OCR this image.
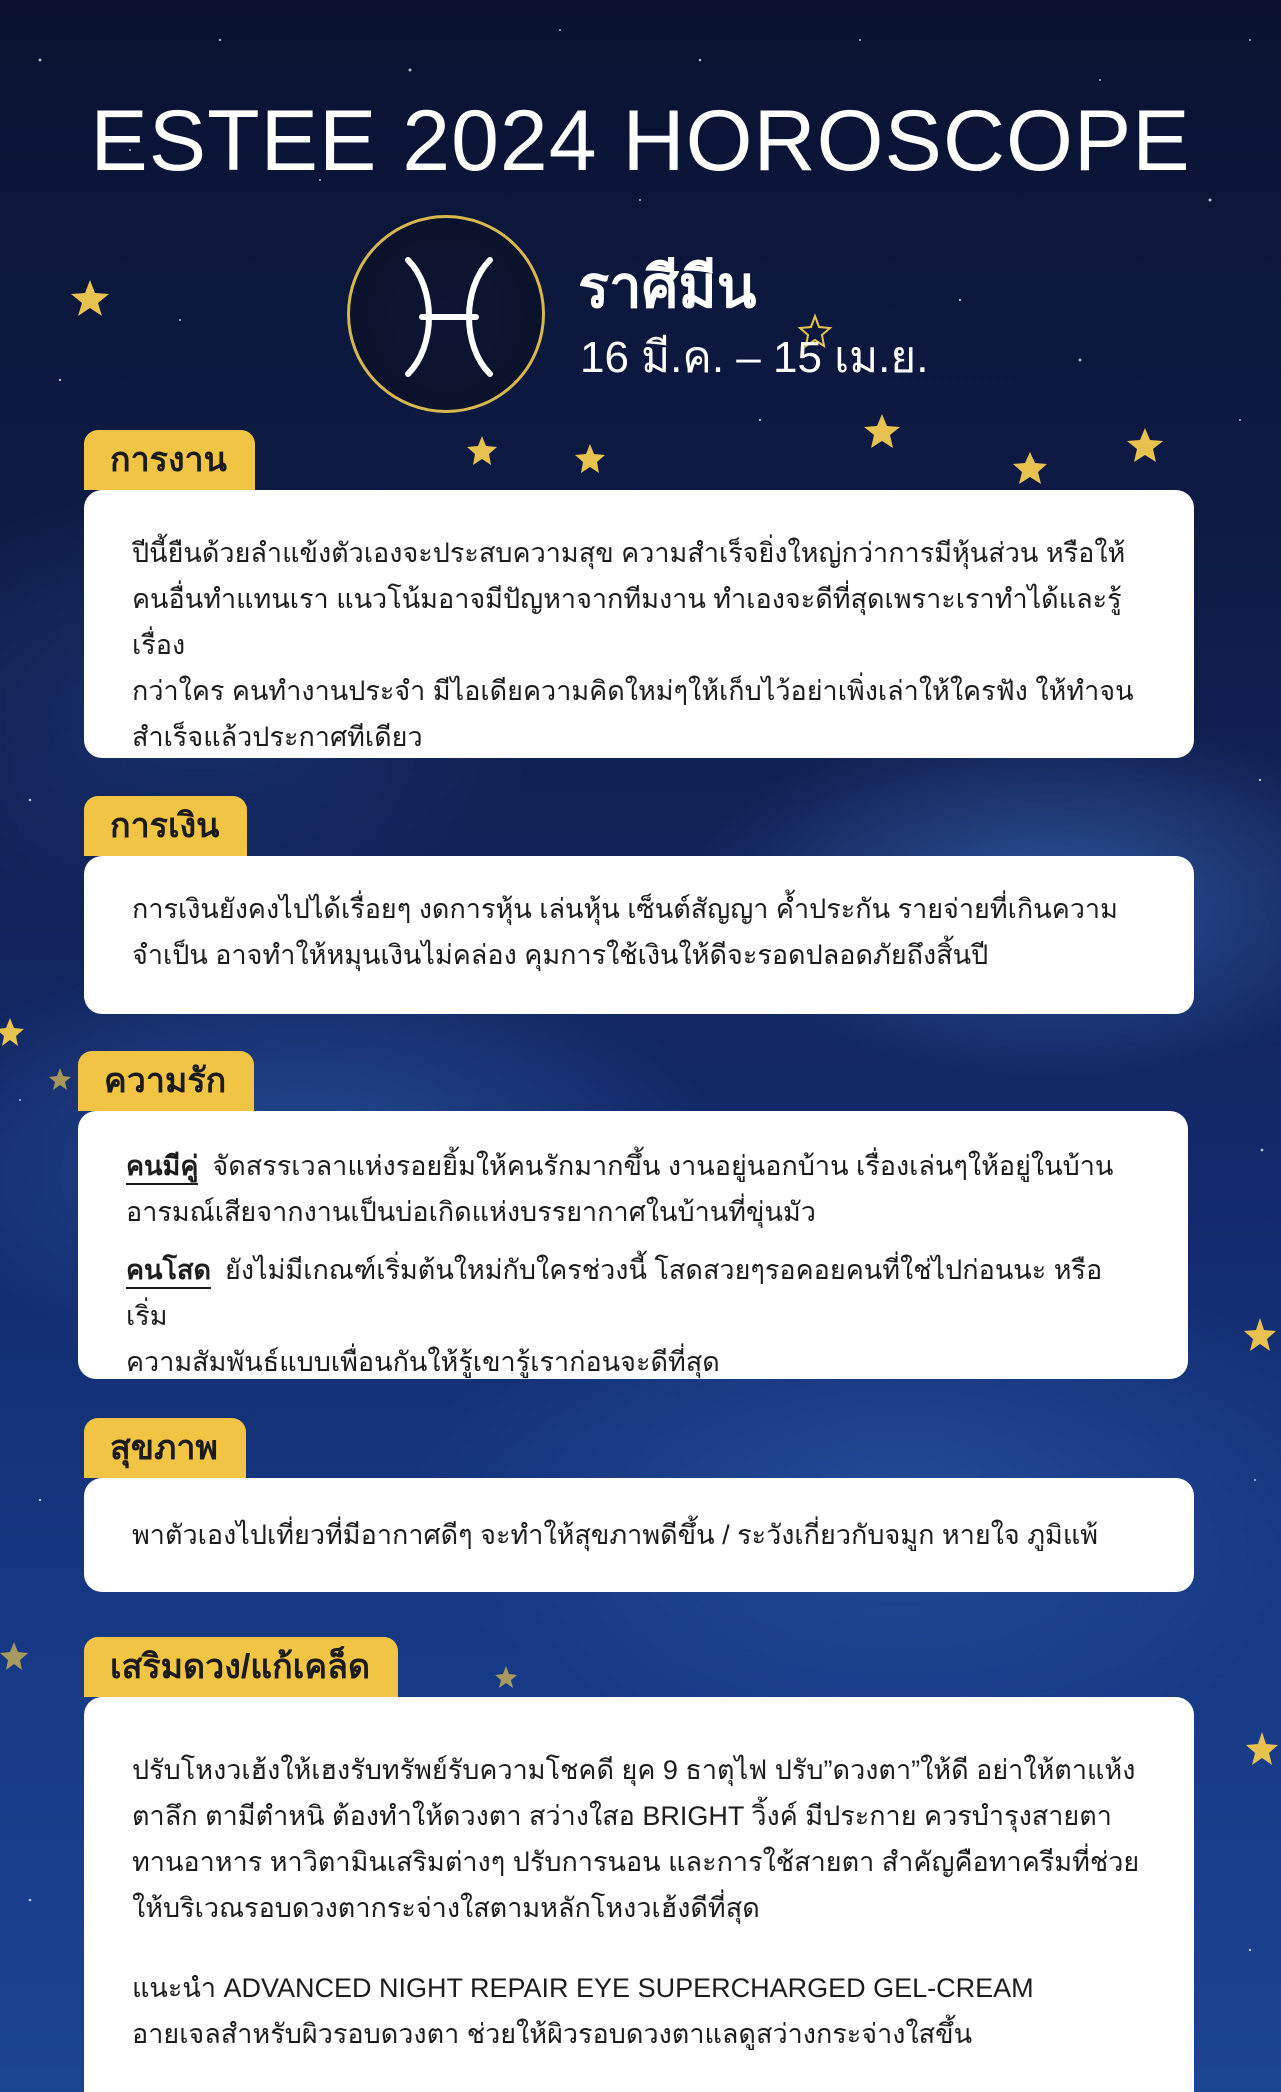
ESTEE 2024 HOROSCOPE
ราศีมีน
16 มี.ค. – 15 เม.ย.
การงาน

ปีนี้ยืนด้วยลำแข้งตัวเองจะประสบความสุข ความสำเร็จยิ่งใหญ่กว่าการมีหุ้นส่วน หรือให้

คนอื่นทำแทนเรา แนวโน้มอาจมีปัญหาจากทีมงาน ทำเองจะดีที่สุดเพราะเราทำได้และรู้เรื่อง

กว่าใคร คนทำงานประจำ มีไอเดียความคิดใหม่ๆให้เก็บไว้อย่าเพิ่งเล่าให้ใครฟัง ให้ทำจน

สำเร็จแล้วประกาศทีเดียว

การเงิน

การเงินยังคงไปได้เรื่อยๆ งดการหุ้น เล่นหุ้น เซ็นต์สัญญา ค้ำประกัน รายจ่ายที่เกินความ

จำเป็น อาจทำให้หมุนเงินไม่คล่อง คุมการใช้เงินให้ดีจะรอดปลอดภัยถึงสิ้นปี

ความรัก
คนมีคู่ จัดสรรเวลาแห่งรอยยิ้มให้คนรักมากขึ้น งานอยู่นอกบ้าน เรื่องเล่นๆให้อยู่ในบ้าน

อารมณ์เสียจากงานเป็นบ่อเกิดแห่งบรรยากาศในบ้านที่ขุ่นมัว

คนโสด ยังไม่มีเกณฑ์เริ่มต้นใหม่กับใครช่วงนี้ โสดสวยๆรอคอยคนที่ใช่ไปก่อนนะ หรือเริ่ม

ความสัมพันธ์แบบเพื่อนกันให้รู้เขารู้เราก่อนจะดีที่สุด

สุขภาพ

พาตัวเองไปเที่ยวที่มีอากาศดีๆ จะทำให้สุขภาพดีขึ้น / ระวังเกี่ยวกับจมูก หายใจ ภูมิแพ้

เสริมดวง/แก้เคล็ด

ปรับโหงวเฮ้งให้เฮงรับทรัพย์รับความโชคดี ยุค 9 ธาตุไฟ ปรับ”ดวงตา”ให้ดี อย่าให้ตาแห้ง

ตาลึก ตามีตำหนิ ต้องทำให้ดวงตา สว่างใสอ BRIGHT วิ้งค์ มีประกาย ควรบำรุงสายตา

ทานอาหาร หาวิตามินเสริมต่างๆ ปรับการนอน และการใช้สายตา สำคัญคือทาครีมที่ช่วย

ให้บริเวณรอบดวงตากระจ่างใสตามหลักโหงวเฮ้งดีที่สุด

แนะนำ ADVANCED NIGHT REPAIR EYE SUPERCHARGED GEL-CREAM

อายเจลสำหรับผิวรอบดวงตา ช่วยให้ผิวรอบดวงตาแลดูสว่างกระจ่างใสขึ้น
